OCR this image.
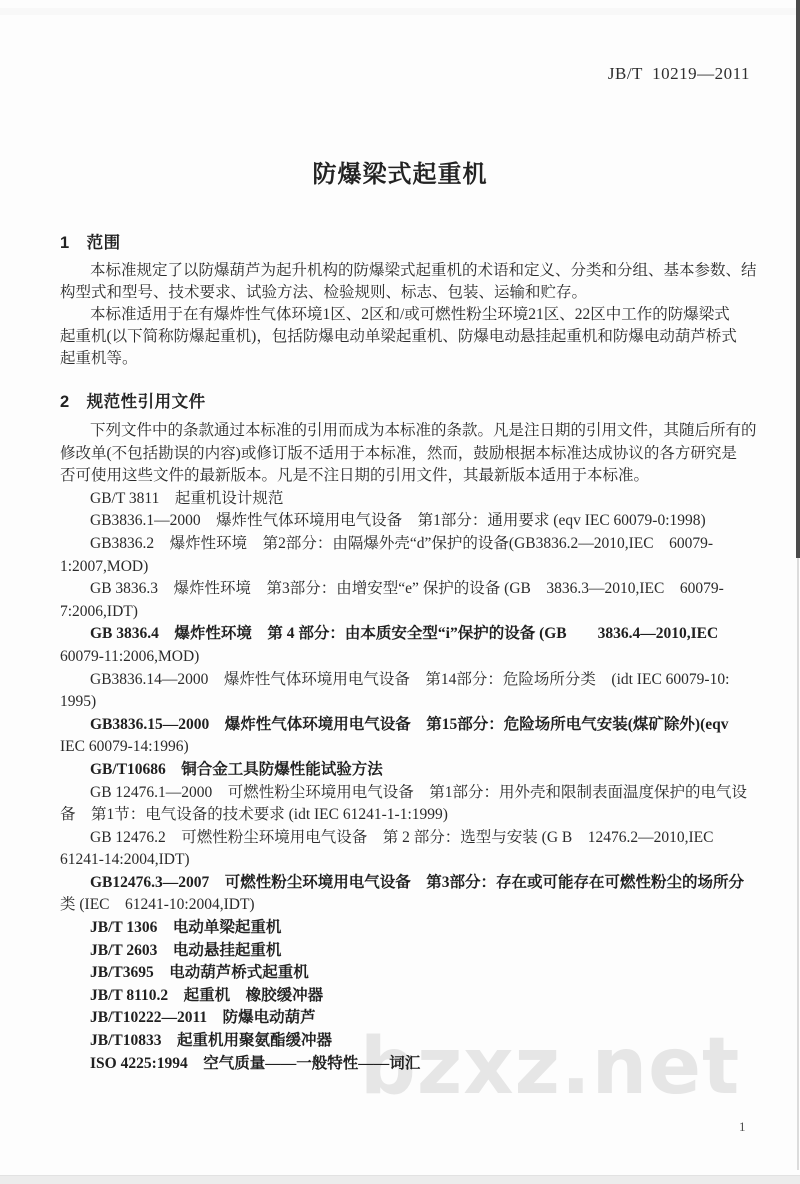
bzxz.net
JB/T  10219—2011
防爆梁式起重机
1　范围
本标准规定了以防爆葫芦为起升机构的防爆梁式起重机的术语和定义、分类和分组、基本参数、结
构型式和型号、技术要求、试验方法、检验规则、标志、包装、运输和贮存。
本标准适用于在有爆炸性气体环境1区、2区和/或可燃性粉尘环境21区、22区中工作的防爆梁式
起重机(以下简称防爆起重机)，包括防爆电动单梁起重机、防爆电动悬挂起重机和防爆电动葫芦桥式
起重机等。
2　规范性引用文件
下列文件中的条款通过本标准的引用而成为本标准的条款。凡是注日期的引用文件，其随后所有的
修改单(不包括勘误的内容)或修订版不适用于本标准，然而，鼓励根据本标准达成协议的各方研究是
否可使用这些文件的最新版本。凡是不注日期的引用文件，其最新版本适用于本标准。
GB/T 3811　起重机设计规范
GB3836.1—2000　爆炸性气体环境用电气设备　第1部分：通用要求 (eqv IEC 60079-0:1998)
GB3836.2　爆炸性环境　第2部分：由隔爆外壳“d”保护的设备(GB3836.2—2010,IEC　60079-
1:2007,MOD)
GB 3836.3　爆炸性环境　第3部分：由增安型“e” 保护的设备 (GB　3836.3—2010,IEC　60079-
7:2006,IDT)
GB 3836.4　爆炸性环境　第 4 部分：由本质安全型“i”保护的设备 (GB　　3836.4—2010,IEC
60079-11:2006,MOD)
GB3836.14—2000　爆炸性气体环境用电气设备　第14部分：危险场所分类　(idt IEC 60079-10:
1995)
GB3836.15—2000　爆炸性气体环境用电气设备　第15部分：危险场所电气安装(煤矿除外)(eqv
IEC 60079-14:1996)
GB/T10686　铜合金工具防爆性能试验方法
GB 12476.1—2000　可燃性粉尘环境用电气设备　第1部分：用外壳和限制表面温度保护的电气设
备　第1节：电气设备的技术要求 (idt IEC 61241-1-1:1999)
GB 12476.2　可燃性粉尘环境用电气设备　第 2 部分：选型与安装 (G B　12476.2—2010,IEC
61241-14:2004,IDT)
GB12476.3—2007　可燃性粉尘环境用电气设备　第3部分：存在或可能存在可燃性粉尘的场所分
类 (IEC　61241-10:2004,IDT)
JB/T 1306　电动单梁起重机
JB/T 2603　电动悬挂起重机
JB/T3695　电动葫芦桥式起重机
JB/T 8110.2　起重机　橡胶缓冲器
JB/T10222—2011　防爆电动葫芦
JB/T10833　起重机用聚氨酯缓冲器
ISO 4225:1994　空气质量——一般特性——词汇
1
